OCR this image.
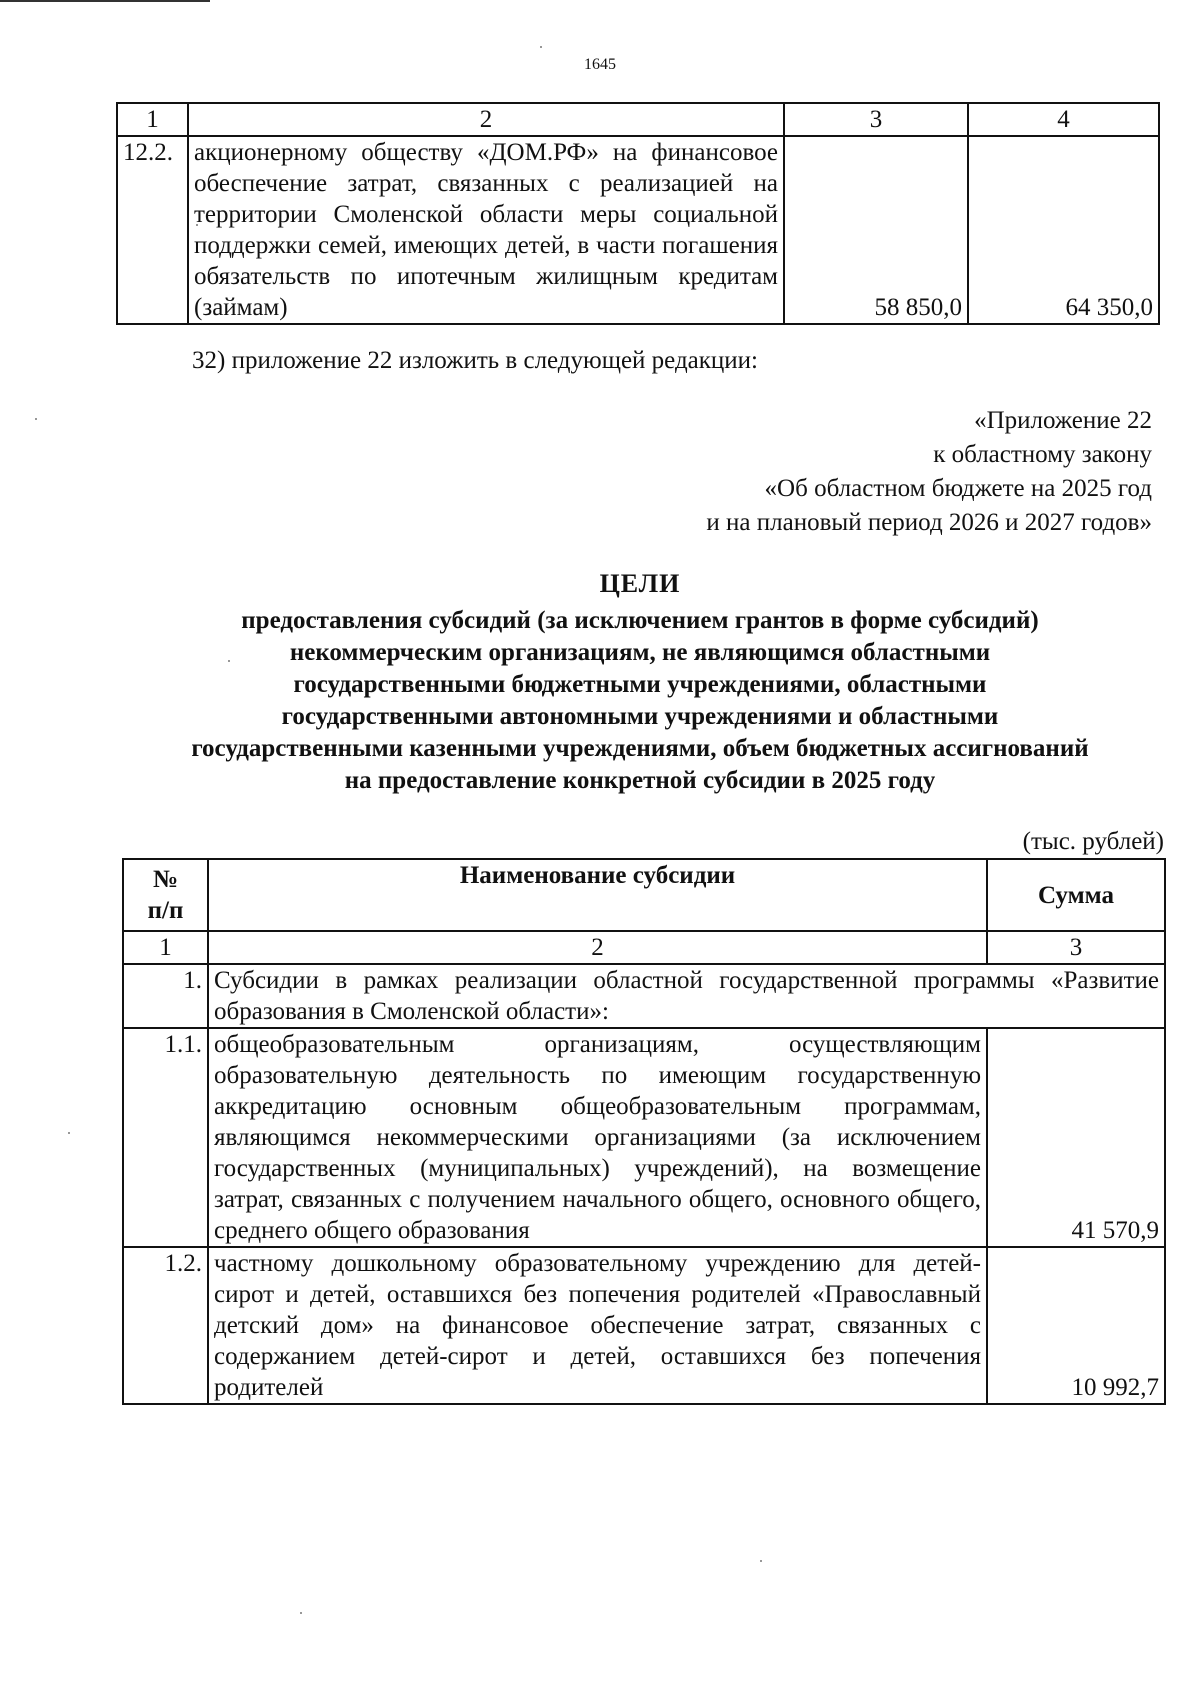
1645
1	2	3	4
12.2.	акционерному обществу «ДОМ.РФ» на финансовое обеспечение затрат, связанных с реализацией на территории Смоленской области меры социальной поддержки семей, имеющих детей, в части погашения обязательств по ипотечным жилищным кредитам (займам)	58 850,0	64 350,0
32) приложение 22 изложить в следующей редакции:
«Приложение 22
к областному закону
«Об областном бюджете на 2025 год
и на плановый период 2026 и 2027 годов»
ЦЕЛИ
предоставления субсидий (за исключением грантов в форме субсидий)
некоммерческим организациям, не являющимся областными
государственными бюджетными учреждениями, областными
государственными автономными учреждениями и областными
государственными казенными учреждениями, объем бюджетных ассигнований
на предоставление конкретной субсидии в 2025 году
(тыс. рублей)
№
п/п	Наименование субсидии	Сумма
1	2	3
1.	Субсидии в рамках реализации областной государственной программы «Развитие образования в Смоленской области»:	
1.1.	общеобразовательным организациям, осуществляющим образовательную деятельность по имеющим государственную аккредитацию основным общеобразовательным программам, являющимся некоммерческими организациями (за исключением государственных (муниципальных) учреждений), на возмещение затрат, связанных с получением начального общего, основного общего, среднего общего образования	41 570,9
1.2.	частному дошкольному образовательному учреждению для детей-сирот и детей, оставшихся без попечения родителей «Православный детский дом» на финансовое обеспечение затрат, связанных с содержанием детей-сирот и детей, оставшихся без попечения родителей	10 992,7
